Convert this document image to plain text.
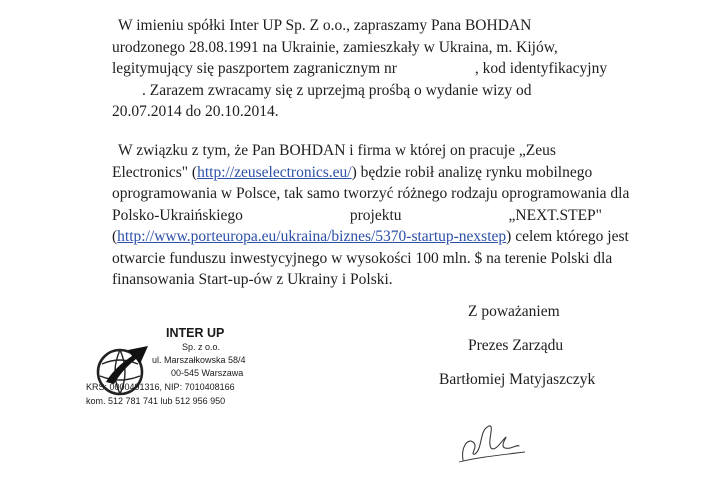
W imieniu spółki Inter UP Sp. Z o.o., zapraszamy Pana BOHDAN
urodzonego 28.08.1991 na Ukrainie, zamieszkały w Ukraina, m. Kijów,
legitymujący się paszportem zagranicznym nr	, kod identyfikacyjny
. Zarazem zwracamy się z uprzejmą prośbą o wydanie wizy od
20.07.2014 do 20.10.2014.
W związku z tym, że Pan BOHDAN i firma w której on pracuje „Zeus
Electronics" (http://zeuselectronics.eu/) będzie robił analizę rynku mobilnego
oprogramowania w Polsce, tak samo tworzyć różnego rodzaju oprogramowania dla
Polsko-Ukraińskiego	projektu	„NEXT.STEP"
(http://www.porteuropa.eu/ukraina/biznes/5370-startup-nexstep) celem którego jest
otwarcie funduszu inwestycyjnego w wysokości 100 mln. $ na terenie Polski dla
finansowania Start-up-ów z Ukrainy i Polski.
Z poważaniem
Prezes Zarządu
Bartłomiej Matyjaszczyk
INTER UP
Sp. z o.o.
ul. Marszałkowska 58/4
00-545 Warszawa
KRS: 0000491316, NIP: 7010408166
kom. 512 781 741 lub 512 956 950
